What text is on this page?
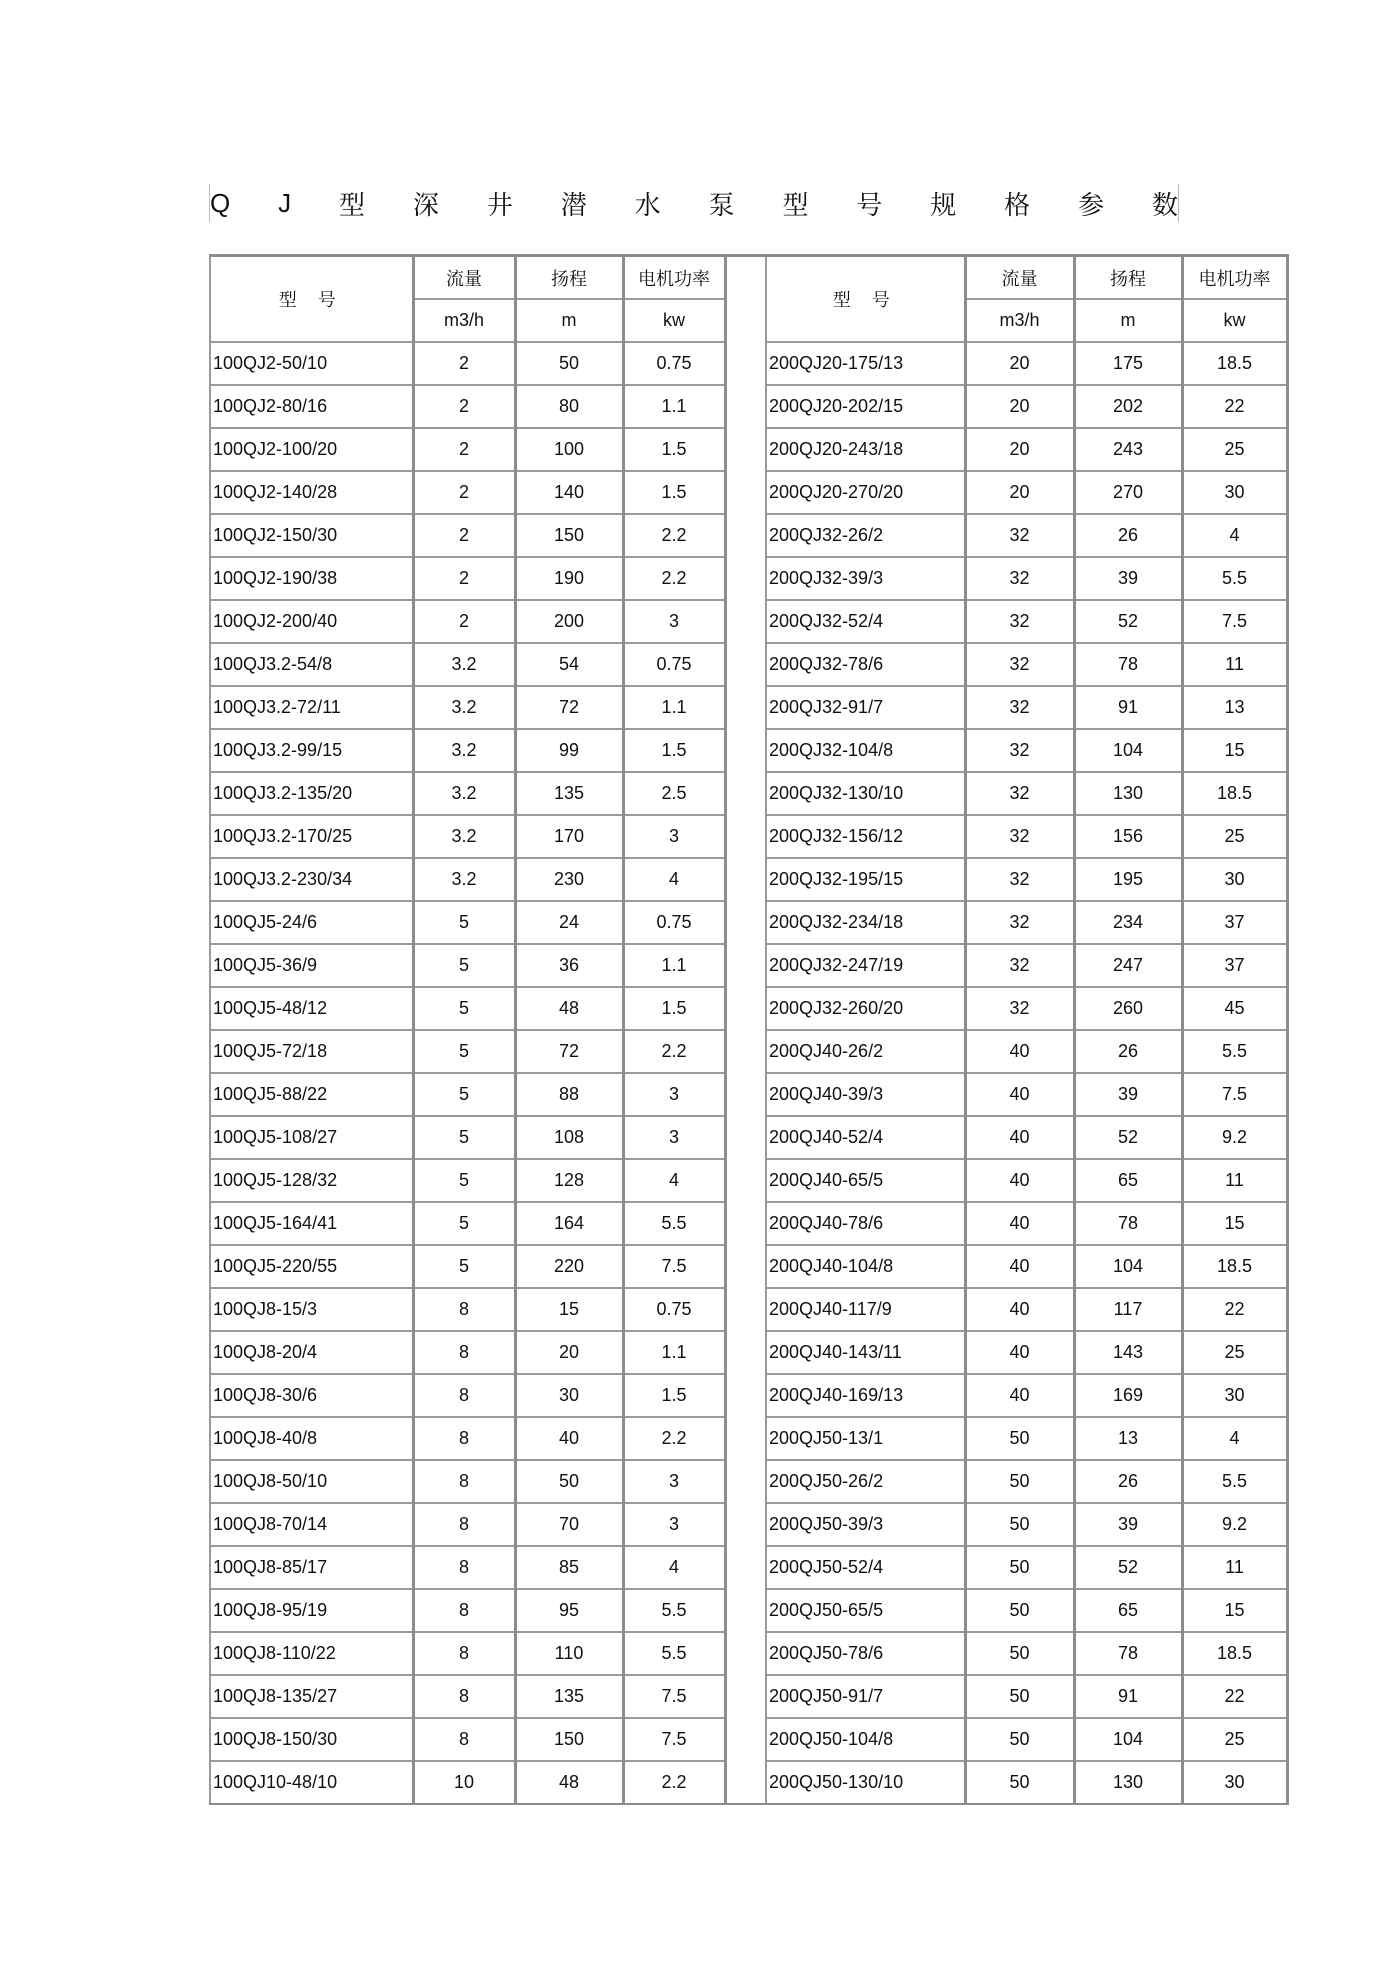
Q J 型 深 井 潜 水 泵 型 号 规 格 参 数
型 号	流量	扬程	电机功率		型 号	流量	扬程	电机功率
	m3/h	m	kw			m3/h	m	kw
100QJ2-50/10	2	50	0.75		200QJ20-175/13	20	175	18.5
100QJ2-80/16	2	80	1.1		200QJ20-202/15	20	202	22
100QJ2-100/20	2	100	1.5		200QJ20-243/18	20	243	25
100QJ2-140/28	2	140	1.5		200QJ20-270/20	20	270	30
100QJ2-150/30	2	150	2.2		200QJ32-26/2	32	26	4
100QJ2-190/38	2	190	2.2		200QJ32-39/3	32	39	5.5
100QJ2-200/40	2	200	3		200QJ32-52/4	32	52	7.5
100QJ3.2-54/8	3.2	54	0.75		200QJ32-78/6	32	78	11
100QJ3.2-72/11	3.2	72	1.1		200QJ32-91/7	32	91	13
100QJ3.2-99/15	3.2	99	1.5		200QJ32-104/8	32	104	15
100QJ3.2-135/20	3.2	135	2.5		200QJ32-130/10	32	130	18.5
100QJ3.2-170/25	3.2	170	3		200QJ32-156/12	32	156	25
100QJ3.2-230/34	3.2	230	4		200QJ32-195/15	32	195	30
100QJ5-24/6	5	24	0.75		200QJ32-234/18	32	234	37
100QJ5-36/9	5	36	1.1		200QJ32-247/19	32	247	37
100QJ5-48/12	5	48	1.5		200QJ32-260/20	32	260	45
100QJ5-72/18	5	72	2.2		200QJ40-26/2	40	26	5.5
100QJ5-88/22	5	88	3		200QJ40-39/3	40	39	7.5
100QJ5-108/27	5	108	3		200QJ40-52/4	40	52	9.2
100QJ5-128/32	5	128	4		200QJ40-65/5	40	65	11
100QJ5-164/41	5	164	5.5		200QJ40-78/6	40	78	15
100QJ5-220/55	5	220	7.5		200QJ40-104/8	40	104	18.5
100QJ8-15/3	8	15	0.75		200QJ40-117/9	40	117	22
100QJ8-20/4	8	20	1.1		200QJ40-143/11	40	143	25
100QJ8-30/6	8	30	1.5		200QJ40-169/13	40	169	30
100QJ8-40/8	8	40	2.2		200QJ50-13/1	50	13	4
100QJ8-50/10	8	50	3		200QJ50-26/2	50	26	5.5
100QJ8-70/14	8	70	3		200QJ50-39/3	50	39	9.2
100QJ8-85/17	8	85	4		200QJ50-52/4	50	52	11
100QJ8-95/19	8	95	5.5		200QJ50-65/5	50	65	15
100QJ8-110/22	8	110	5.5		200QJ50-78/6	50	78	18.5
100QJ8-135/27	8	135	7.5		200QJ50-91/7	50	91	22
100QJ8-150/30	8	150	7.5		200QJ50-104/8	50	104	25
100QJ10-48/10	10	48	2.2		200QJ50-130/10	50	130	30
